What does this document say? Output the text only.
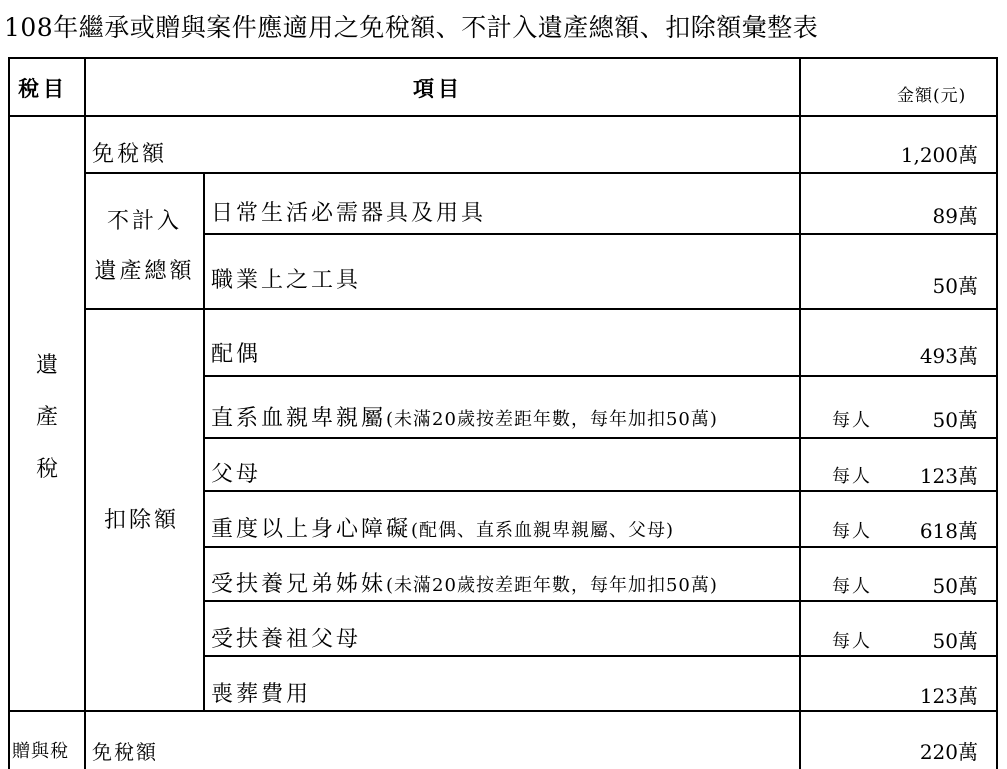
108年繼承或贈與案件應適用之免稅額、不計入遺產總額、扣除額彙整表
稅目	項目	金額(元)
遺
產
稅
免稅額	1,200萬
不計入
遺產總額
日常生活必需器具及用具	89萬
職業上之工具	50萬
扣除額
配偶	493萬
直系血親卑親屬(未滿20歲按差距年數，每年加扣50萬)	每人	50萬
父母	每人	123萬
重度以上身心障礙(配偶、直系血親卑親屬、父母)	每人	618萬
受扶養兄弟姊妹(未滿20歲按差距年數，每年加扣50萬)	每人	50萬
受扶養祖父母	每人	50萬
喪葬費用	123萬
贈與稅 免稅額	220萬
